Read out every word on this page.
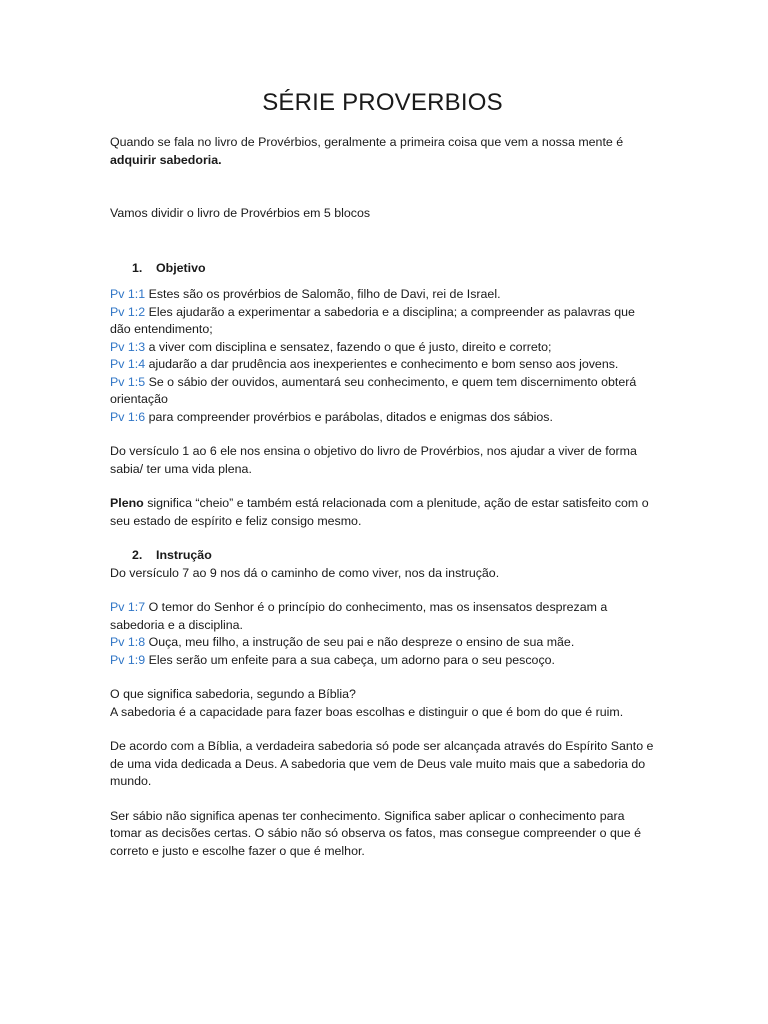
SÉRIE PROVERBIOS

Quando se fala no livro de Provérbios, geralmente a primeira coisa que vem a nossa mente é adquirir sabedoria.

Vamos dividir o livro de Provérbios em 5 blocos

1.	Objetivo

Pv 1:1 Estes são os provérbios de Salomão, filho de Davi, rei de Israel.

Pv 1:2 Eles ajudarão a experimentar a sabedoria e a disciplina; a compreender as palavras que dão entendimento;

Pv 1:3 a viver com disciplina e sensatez, fazendo o que é justo, direito e correto;

Pv 1:4 ajudarão a dar prudência aos inexperientes e conhecimento e bom senso aos jovens.

Pv 1:5 Se o sábio der ouvidos, aumentará seu conhecimento, e quem tem discernimento obterá orientação

Pv 1:6 para compreender provérbios e parábolas, ditados e enigmas dos sábios.

Do versículo 1 ao 6 ele nos ensina o objetivo do livro de Provérbios, nos ajudar a viver de forma sabia/ ter uma vida plena.

Pleno significa “cheio” e também está relacionada com a plenitude, ação de estar satisfeito com o seu estado de espírito e feliz consigo mesmo.

2.	Instrução

Do versículo 7 ao 9 nos dá o caminho de como viver, nos da instrução.

Pv 1:7 O temor do Senhor é o princípio do conhecimento, mas os insensatos desprezam a sabedoria e a disciplina.

Pv 1:8 Ouça, meu filho, a instrução de seu pai e não despreze o ensino de sua mãe.

Pv 1:9 Eles serão um enfeite para a sua cabeça, um adorno para o seu pescoço.

O que significa sabedoria, segundo a Bíblia?

A sabedoria é a capacidade para fazer boas escolhas e distinguir o que é bom do que é ruim.

De acordo com a Bíblia, a verdadeira sabedoria só pode ser alcançada através do Espírito Santo e de uma vida dedicada a Deus. A sabedoria que vem de Deus vale muito mais que a sabedoria do mundo.

Ser sábio não significa apenas ter conhecimento. Significa saber aplicar o conhecimento para tomar as decisões certas. O sábio não só observa os fatos, mas consegue compreender o que é correto e justo e escolhe fazer o que é melhor.
